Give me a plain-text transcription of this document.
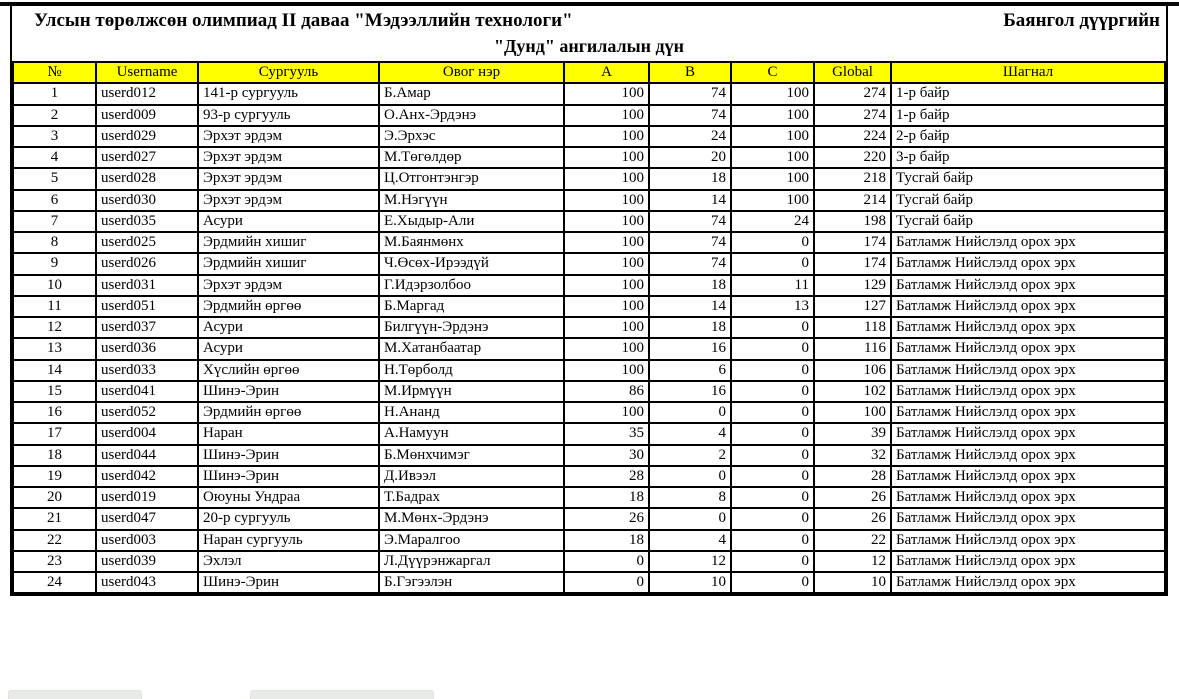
Улсын төрөлжсөн олимпиад II даваа "Мэдээллийн технологи"	Баянгол дүүргийн
"Дунд" ангилалын дүн
№	Username	Сургууль	Овог нэр	A	B	C	Global	Шагнал
1	userd012	141-р сургууль	Б.Амар	100	74	100	274	1-р байр
2	userd009	93-р сургууль	О.Анх-Эрдэнэ	100	74	100	274	1-р байр
3	userd029	Эрхэт эрдэм	Э.Эрхэс	100	24	100	224	2-р байр
4	userd027	Эрхэт эрдэм	М.Төгөлдөр	100	20	100	220	3-р байр
5	userd028	Эрхэт эрдэм	Ц.Отгонтэнгэр	100	18	100	218	Тусгай байр
6	userd030	Эрхэт эрдэм	М.Нэгүүн	100	14	100	214	Тусгай байр
7	userd035	Асури	Е.Хыдыр-Али	100	74	24	198	Тусгай байр
8	userd025	Эрдмийн хишиг	М.Баянмөнх	100	74	0	174	Батламж Нийслэлд орох эрх
9	userd026	Эрдмийн хишиг	Ч.Өсөх-Ирээдүй	100	74	0	174	Батламж Нийслэлд орох эрх
10	userd031	Эрхэт эрдэм	Г.Идэрзолбоо	100	18	11	129	Батламж Нийслэлд орох эрх
11	userd051	Эрдмийн өргөө	Б.Маргад	100	14	13	127	Батламж Нийслэлд орох эрх
12	userd037	Асури	Билгүүн-Эрдэнэ	100	18	0	118	Батламж Нийслэлд орох эрх
13	userd036	Асури	М.Хатанбаатар	100	16	0	116	Батламж Нийслэлд орох эрх
14	userd033	Хүслийн өргөө	Н.Төрболд	100	6	0	106	Батламж Нийслэлд орох эрх
15	userd041	Шинэ-Эрин	М.Ирмүүн	86	16	0	102	Батламж Нийслэлд орох эрх
16	userd052	Эрдмийн өргөө	Н.Ананд	100	0	0	100	Батламж Нийслэлд орох эрх
17	userd004	Наран	А.Намуун	35	4	0	39	Батламж Нийслэлд орох эрх
18	userd044	Шинэ-Эрин	Б.Мөнхчимэг	30	2	0	32	Батламж Нийслэлд орох эрх
19	userd042	Шинэ-Эрин	Д.Ивээл	28	0	0	28	Батламж Нийслэлд орох эрх
20	userd019	Оюуны Ундраа	Т.Бадрах	18	8	0	26	Батламж Нийслэлд орох эрх
21	userd047	20-р сургууль	М.Мөнх-Эрдэнэ	26	0	0	26	Батламж Нийслэлд орох эрх
22	userd003	Наран сургууль	Э.Маралгоо	18	4	0	22	Батламж Нийслэлд орох эрх
23	userd039	Эхлэл	Л.Дүүрэнжаргал	0	12	0	12	Батламж Нийслэлд орох эрх
24	userd043	Шинэ-Эрин	Б.Гэгээлэн	0	10	0	10	Батламж Нийслэлд орох эрх
